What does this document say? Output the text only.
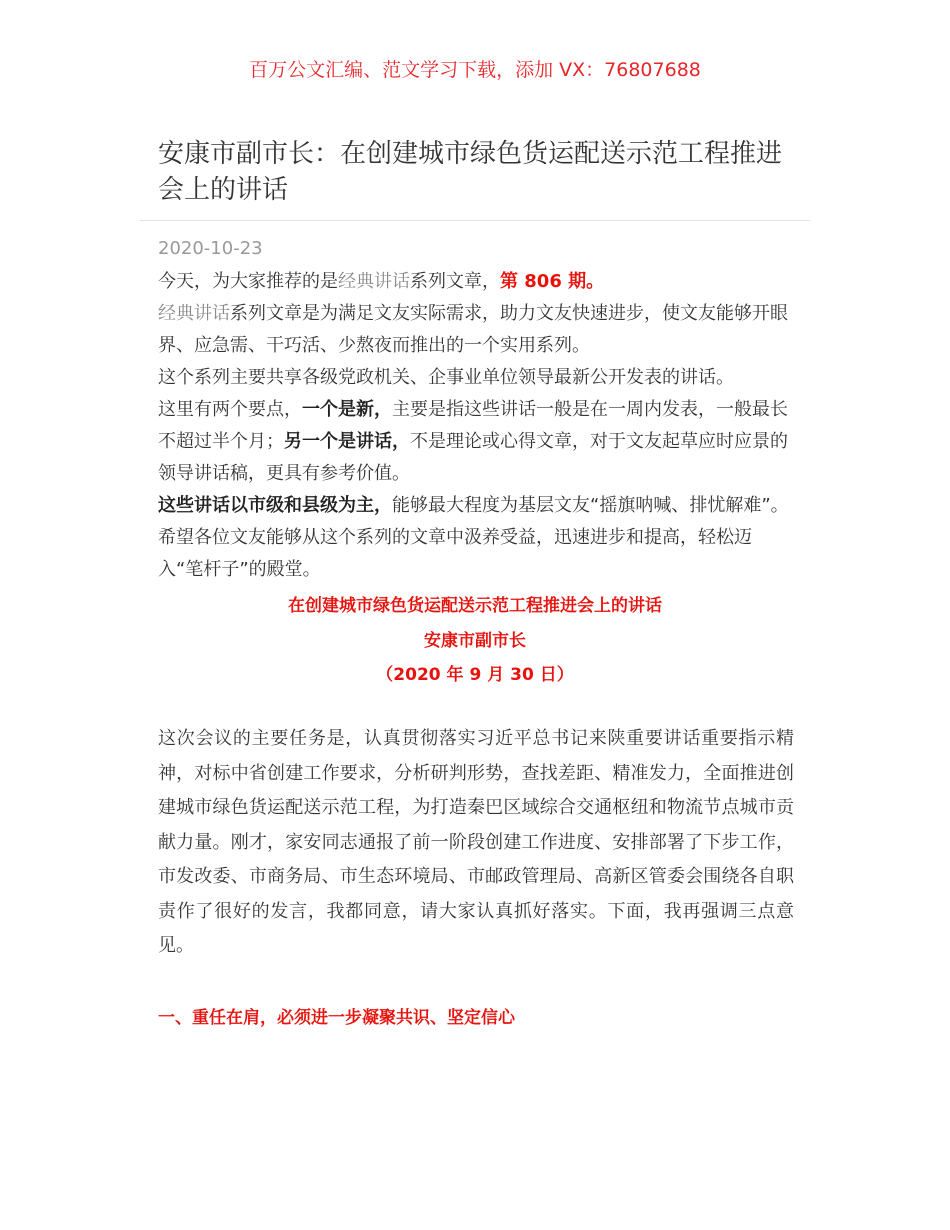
百万公文汇编、范文学习下载，添加 VX：76807688
安康市副市长：在创建城市绿色货运配送示范工程推进会上的讲话
2020-10-23

今天，为大家推荐的是经典讲话系列文章，第 806 期。

经典讲话系列文章是为满足文友实际需求，助力文友快速进步，使文友能够开眼界、应急需、干巧活、少熬夜而推出的一个实用系列。

这个系列主要共享各级党政机关、企事业单位领导最新公开发表的讲话。

这里有两个要点，一个是新，主要是指这些讲话一般是在一周内发表，一般最长不超过半个月；另一个是讲话，不是理论或心得文章，对于文友起草应时应景的领导讲话稿，更具有参考价值。

这些讲话以市级和县级为主，能够最大程度为基层文友“摇旗呐喊、排忧解难”。希望各位文友能够从这个系列的文章中汲养受益，迅速进步和提高，轻松迈入“笔杆子”的殿堂。

在创建城市绿色货运配送示范工程推进会上的讲话
安康市副市长
（2020 年 9 月 30 日）

这次会议的主要任务是，认真贯彻落实习近平总书记来陕重要讲话重要指示精神，对标中省创建工作要求，分析研判形势，查找差距、精准发力，全面推进创建城市绿色货运配送示范工程，为打造秦巴区域综合交通枢纽和物流节点城市贡献力量。刚才，家安同志通报了前一阶段创建工作进度、安排部署了下步工作，市发改委、市商务局、市生态环境局、市邮政管理局、高新区管委会围绕各自职责作了很好的发言，我都同意，请大家认真抓好落实。下面，我再强调三点意见。

一、重任在肩，必须进一步凝聚共识、坚定信心
